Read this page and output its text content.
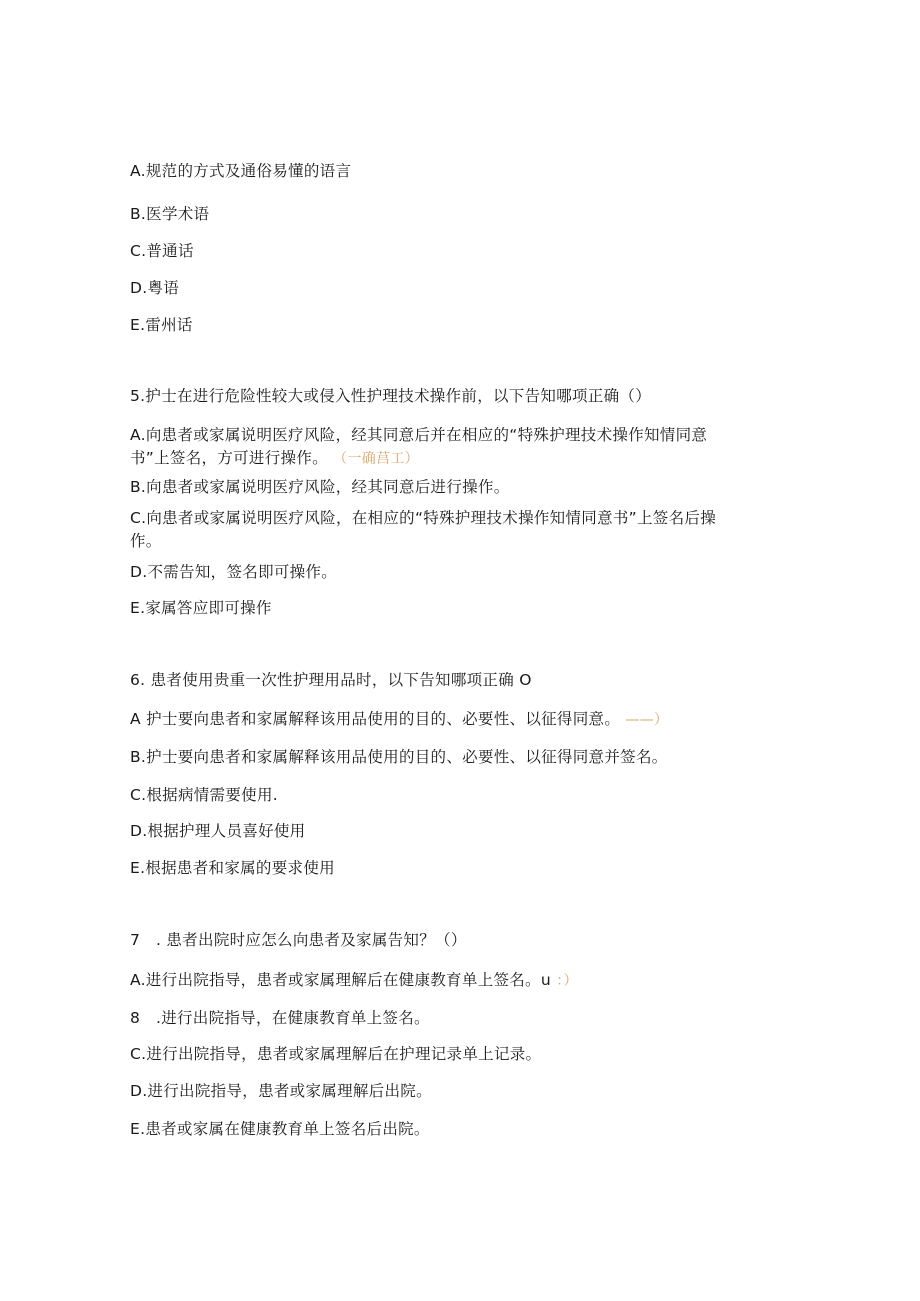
A.规范的方式及通俗易懂的语言
B.医学术语
C.普通话
D.粤语
E.雷州话
5.护士在进行危险性较大或侵入性护理技术操作前，以下告知哪项正确（）
A.向患者或家属说明医疗风险，经其同意后并在相应的“特殊护理技术操作知情同意
书”上签名，方可进行操作。 （一确莒工）
B.向患者或家属说明医疗风险，经其同意后进行操作。
C.向患者或家属说明医疗风险，在相应的“特殊护理技术操作知情同意书”上签名后操
作。
D.不需告知，签名即可操作。
E.家属答应即可操作
6. 患者使用贵重一次性护理用品时，以下告知哪项正确 O
A 护士要向患者和家属解释该用品使用的目的、必要性、以征得同意。 ——）
B.护士要向患者和家属解释该用品使用的目的、必要性、以征得同意并签名。
C.根据病情需要使用.
D.根据护理人员喜好使用
E.根据患者和家属的要求使用
7　. 患者出院时应怎么向患者及家属告知？（）
A.进行出院指导，患者或家属理解后在健康教育单上签名。u ：）
8　.进行出院指导，在健康教育单上签名。
C.进行出院指导，患者或家属理解后在护理记录单上记录。
D.进行出院指导，患者或家属理解后出院。
E.患者或家属在健康教育单上签名后出院。
